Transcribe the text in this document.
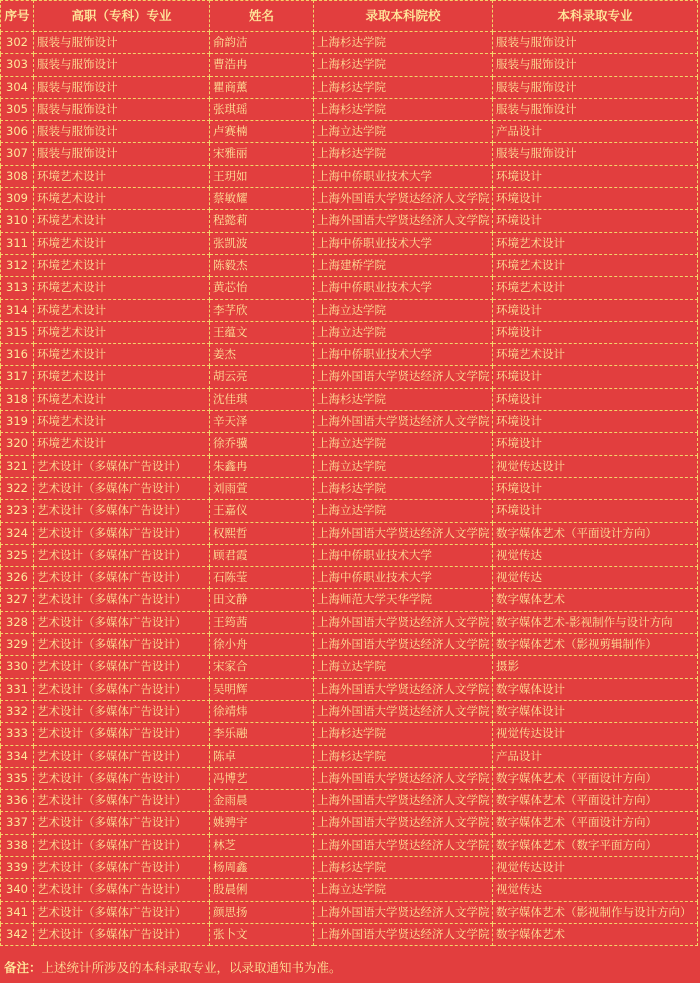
序号	高职（专科）专业	姓名	录取本科院校	本科录取专业
302	服装与服饰设计	俞韵洁	上海杉达学院	服装与服饰设计
303	服装与服饰设计	曹浩冉	上海杉达学院	服装与服饰设计
304	服装与服饰设计	瞿商薰	上海杉达学院	服装与服饰设计
305	服装与服饰设计	张琪瑶	上海杉达学院	服装与服饰设计
306	服装与服饰设计	卢赛楠	上海立达学院	产品设计
307	服装与服饰设计	宋雅丽	上海杉达学院	服装与服饰设计
308	环境艺术设计	王玥如	上海中侨职业技术大学	环境设计
309	环境艺术设计	蔡敏耀	上海外国语大学贤达经济人文学院	环境设计
310	环境艺术设计	程懿莉	上海外国语大学贤达经济人文学院	环境设计
311	环境艺术设计	张凯波	上海中侨职业技术大学	环境艺术设计
312	环境艺术设计	陈毅杰	上海建桥学院	环境艺术设计
313	环境艺术设计	黄芯怡	上海中侨职业技术大学	环境艺术设计
314	环境艺术设计	李芓欣	上海立达学院	环境设计
315	环境艺术设计	王蕴文	上海立达学院	环境设计
316	环境艺术设计	姜杰	上海中侨职业技术大学	环境艺术设计
317	环境艺术设计	胡云亮	上海外国语大学贤达经济人文学院	环境设计
318	环境艺术设计	沈佳琪	上海杉达学院	环境设计
319	环境艺术设计	辛天泽	上海外国语大学贤达经济人文学院	环境设计
320	环境艺术设计	徐乔骥	上海立达学院	环境设计
321	艺术设计（多媒体广告设计）	朱鑫冉	上海立达学院	视觉传达设计
322	艺术设计（多媒体广告设计）	刘雨萱	上海杉达学院	环境设计
323	艺术设计（多媒体广告设计）	王嘉仪	上海立达学院	环境设计
324	艺术设计（多媒体广告设计）	权熙哲	上海外国语大学贤达经济人文学院	数字媒体艺术（平面设计方向）
325	艺术设计（多媒体广告设计）	顾君霞	上海中侨职业技术大学	视觉传达
326	艺术设计（多媒体广告设计）	石陈莹	上海中侨职业技术大学	视觉传达
327	艺术设计（多媒体广告设计）	田文静	上海师范大学天华学院	数字媒体艺术
328	艺术设计（多媒体广告设计）	王筠茜	上海外国语大学贤达经济人文学院	数字媒体艺术-影视制作与设计方向
329	艺术设计（多媒体广告设计）	徐小舟	上海外国语大学贤达经济人文学院	数字媒体艺术（影视剪辑制作）
330	艺术设计（多媒体广告设计）	宋家合	上海立达学院	摄影
331	艺术设计（多媒体广告设计）	吴明辉	上海外国语大学贤达经济人文学院	数字媒体设计
332	艺术设计（多媒体广告设计）	徐靖炜	上海外国语大学贤达经济人文学院	数字媒体设计
333	艺术设计（多媒体广告设计）	李乐融	上海杉达学院	视觉传达设计
334	艺术设计（多媒体广告设计）	陈卓	上海杉达学院	产品设计
335	艺术设计（多媒体广告设计）	冯博艺	上海外国语大学贤达经济人文学院	数字媒体艺术（平面设计方向）
336	艺术设计（多媒体广告设计）	金雨晨	上海外国语大学贤达经济人文学院	数字媒体艺术（平面设计方向）
337	艺术设计（多媒体广告设计）	姚骋宇	上海外国语大学贤达经济人文学院	数字媒体艺术（平面设计方向）
338	艺术设计（多媒体广告设计）	林芝	上海外国语大学贤达经济人文学院	数字媒体艺术（数字平面方向）
339	艺术设计（多媒体广告设计）	杨周鑫	上海杉达学院	视觉传达设计
340	艺术设计（多媒体广告设计）	殷晨俐	上海立达学院	视觉传达
341	艺术设计（多媒体广告设计）	颜思扬	上海外国语大学贤达经济人文学院	数字媒体艺术（影视制作与设计方向）
342	艺术设计（多媒体广告设计）	张卜文	上海外国语大学贤达经济人文学院	数字媒体艺术
备注：上述统计所涉及的本科录取专业，以录取通知书为准。
